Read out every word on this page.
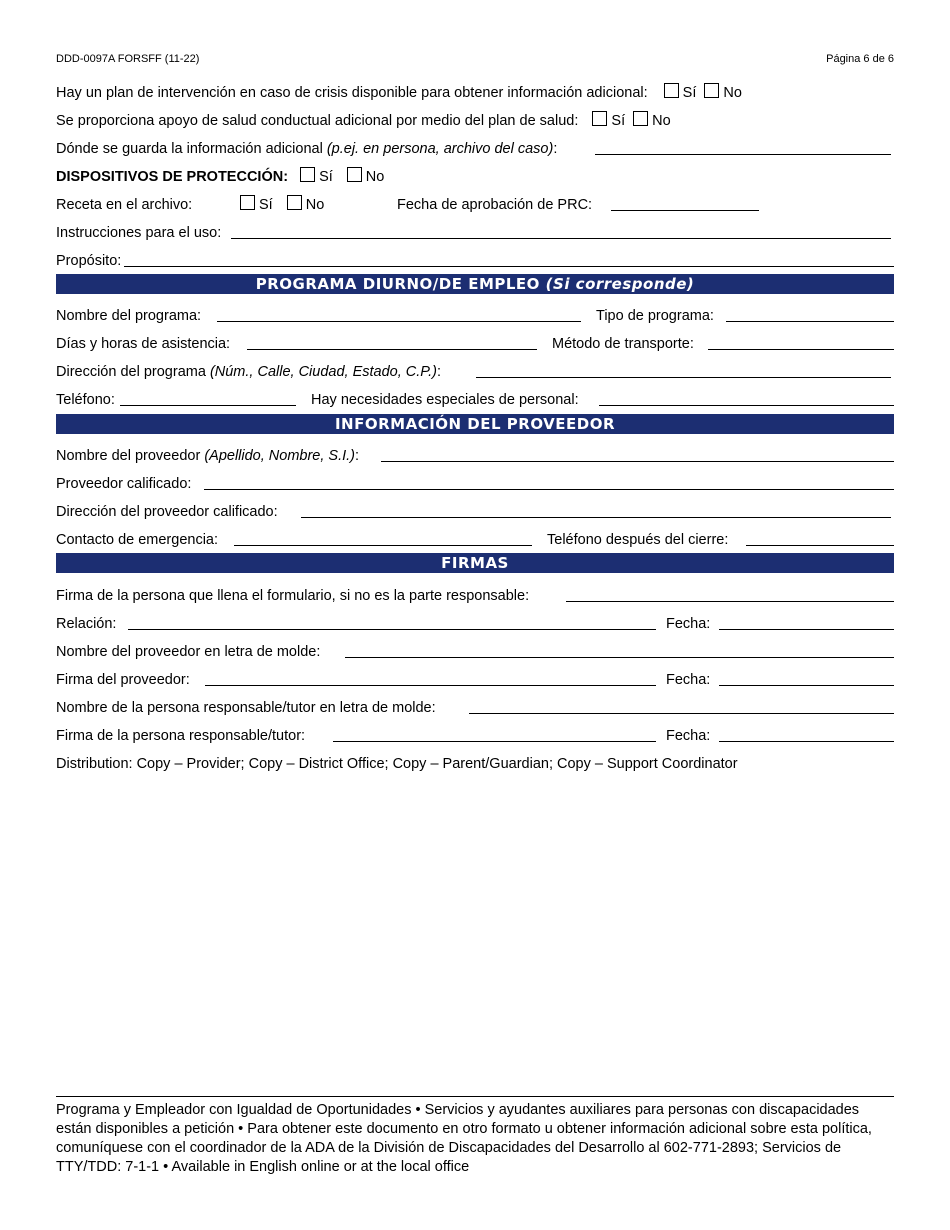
DDD-0097A FORSFF (11-22)	Página 6 de 6
Hay un plan de intervención en caso de crisis disponible para obtener información adicional: Sí No
Se proporciona apoyo de salud conductual adicional por medio del plan de salud: Sí No
Dónde se guarda la información adicional (p.ej. en persona, archivo del caso):
DISPOSITIVOS DE PROTECCIÓN: Sí No
Receta en el archivo:	Sí No	Fecha de aprobación de PRC:
Instrucciones para el uso:
Propósito:
PROGRAMA DIURNO/DE EMPLEO (Si corresponde)
Nombre del programa:	Tipo de programa:
Días y horas de asistencia:	Método de transporte:
Dirección del programa (Núm., Calle, Ciudad, Estado, C.P.):
Teléfono:	Hay necesidades especiales de personal:
INFORMACIÓN DEL PROVEEDOR
Nombre del proveedor (Apellido, Nombre, S.I.):
Proveedor calificado:
Dirección del proveedor calificado:
Contacto de emergencia:	Teléfono después del cierre:
FIRMAS
Firma de la persona que llena el formulario, si no es la parte responsable:
Relación:	Fecha:
Nombre del proveedor en letra de molde:
Firma del proveedor:	Fecha:
Nombre de la persona responsable/tutor en letra de molde:
Firma de la persona responsable/tutor:	Fecha:
Distribution: Copy – Provider; Copy – District Office; Copy – Parent/Guardian; Copy – Support Coordinator
Programa y Empleador con Igualdad de Oportunidades • Servicios y ayudantes auxiliares para personas con discapacidades están disponibles a petición • Para obtener este documento en otro formato u obtener información adicional sobre esta política, comuníquese con el coordinador de la ADA de la División de Discapacidades del Desarrollo al 602-771-2893; Servicios de TTY/TDD: 7-1-1 • Available in English online or at the local office
